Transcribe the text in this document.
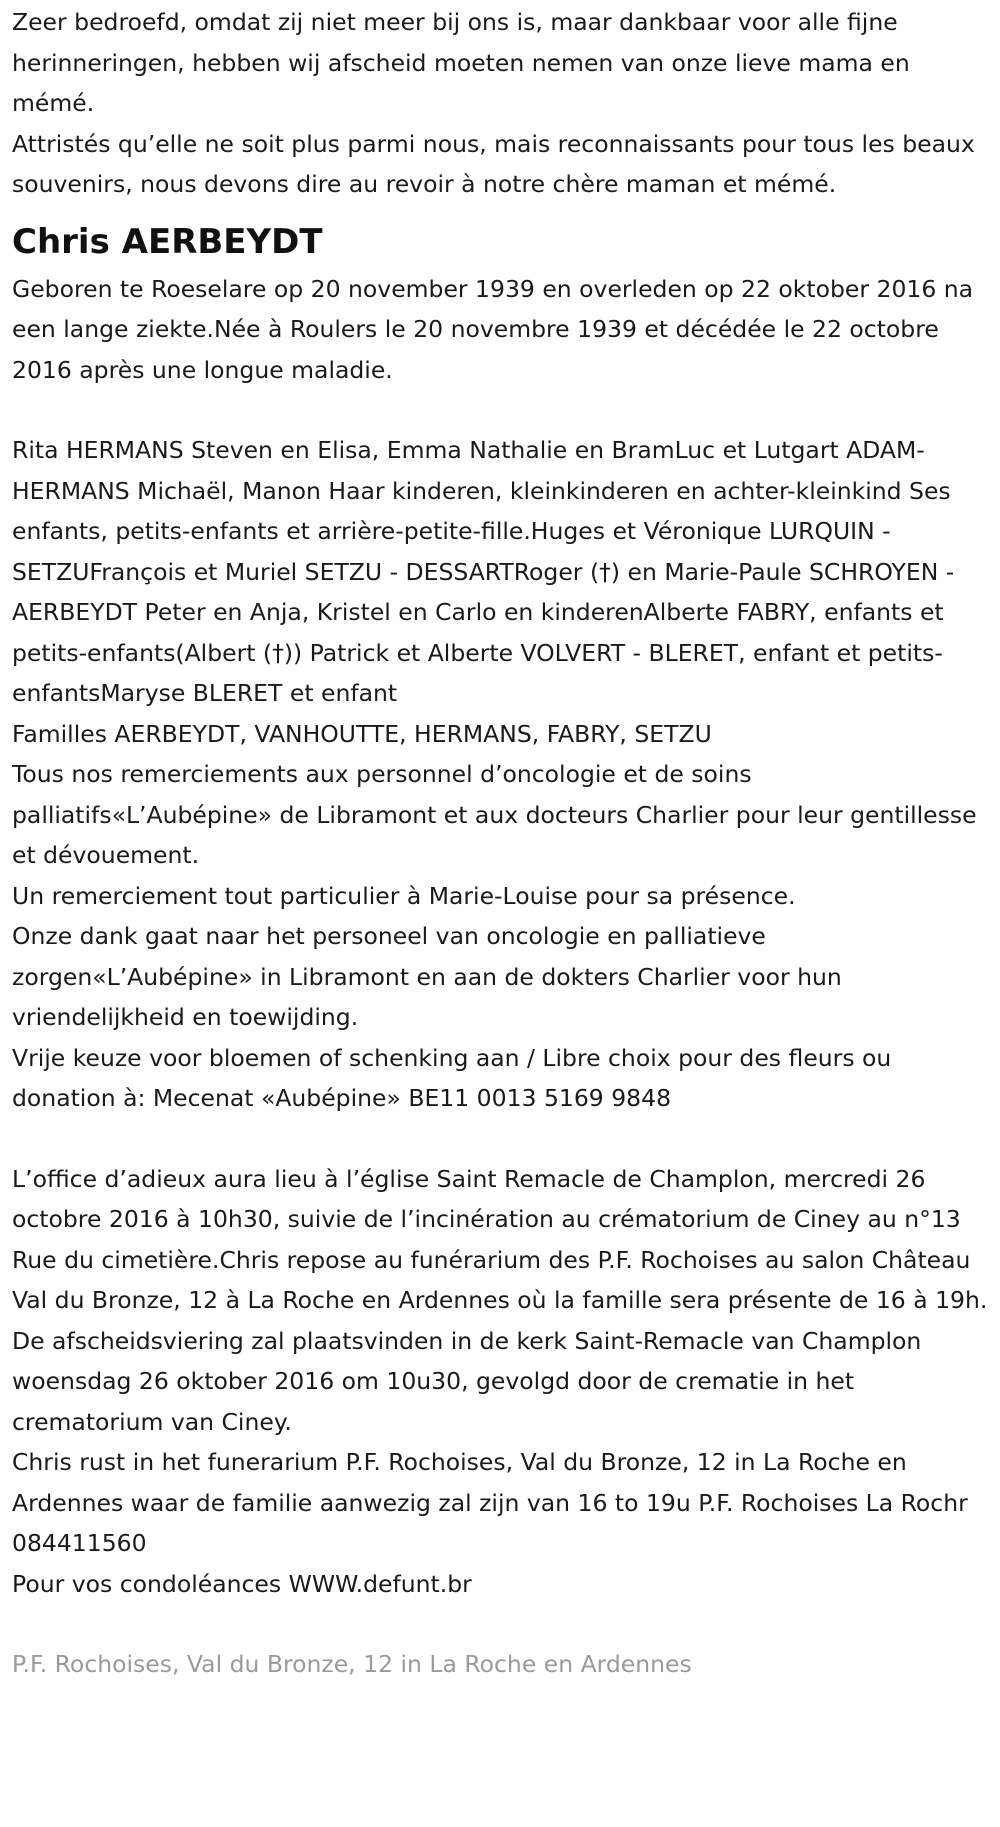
Zeer bedroefd, omdat zij niet meer bij ons is, maar dankbaar voor alle fijne herinneringen, hebben wij afscheid moeten nemen van onze lieve mama en mémé.

Attristés qu’elle ne soit plus parmi nous, mais reconnaissants pour tous les beaux souvenirs, nous devons dire au revoir à notre chère maman et mémé.

Chris AERBEYDT

Geboren te Roeselare op 20 november 1939 en overleden op 22 oktober 2016 na een lange ziekte.Née à Roulers le 20 novembre 1939 et décédée le 22 octobre 2016 après une longue maladie.

Rita HERMANS Steven en Elisa, Emma Nathalie en BramLuc et Lutgart ADAM-HERMANS Michaël, Manon Haar kinderen, kleinkinderen en achter-kleinkind Ses enfants, petits-enfants et arrière-petite-fille.Huges et Véronique LURQUIN - SETZUFrançois et Muriel SETZU - DESSARTRoger (†) en Marie-Paule SCHROYEN - AERBEYDT Peter en Anja, Kristel en Carlo en kinderenAlberte FABRY, enfants et petits-enfants(Albert (†)) Patrick et Alberte VOLVERT - BLERET, enfant et petits-enfantsMaryse BLERET et enfant

Familles AERBEYDT, VANHOUTTE, HERMANS, FABRY, SETZU

Tous nos remerciements aux personnel d’oncologie et de soins palliatifs«L’Aubépine» de Libramont et aux docteurs Charlier pour leur gentillesse et dévouement.

Un remerciement tout particulier à Marie-Louise pour sa présence.

Onze dank gaat naar het personeel van oncologie en palliatieve zorgen«L’Aubépine» in Libramont en aan de dokters Charlier voor hun vriendelijkheid en toewijding.

Vrije keuze voor bloemen of schenking aan / Libre choix pour des fleurs ou donation à: Mecenat «Aubépine» BE11 0013 5169 9848

L’office d’adieux aura lieu à l’église Saint Remacle de Champlon, mercredi 26 octobre 2016 à 10h30, suivie de l’incinération au crématorium de Ciney au n°13 Rue du cimetière.Chris repose au funérarium des P.F. Rochoises au salon Château Val du Bronze, 12 à La Roche en Ardennes où la famille sera présente de 16 à 19h.

De afscheidsviering zal plaatsvinden in de kerk Saint-Remacle van Champlon woensdag 26 oktober 2016 om 10u30, gevolgd door de crematie in het crematorium van Ciney.

Chris rust in het funerarium P.F. Rochoises, Val du Bronze, 12 in La Roche en Ardennes waar de familie aanwezig zal zijn van 16 to 19u P.F. Rochoises La Rochr 084411560

Pour vos condoléances WWW.defunt.br

P.F. Rochoises, Val du Bronze, 12 in La Roche en Ardennes
